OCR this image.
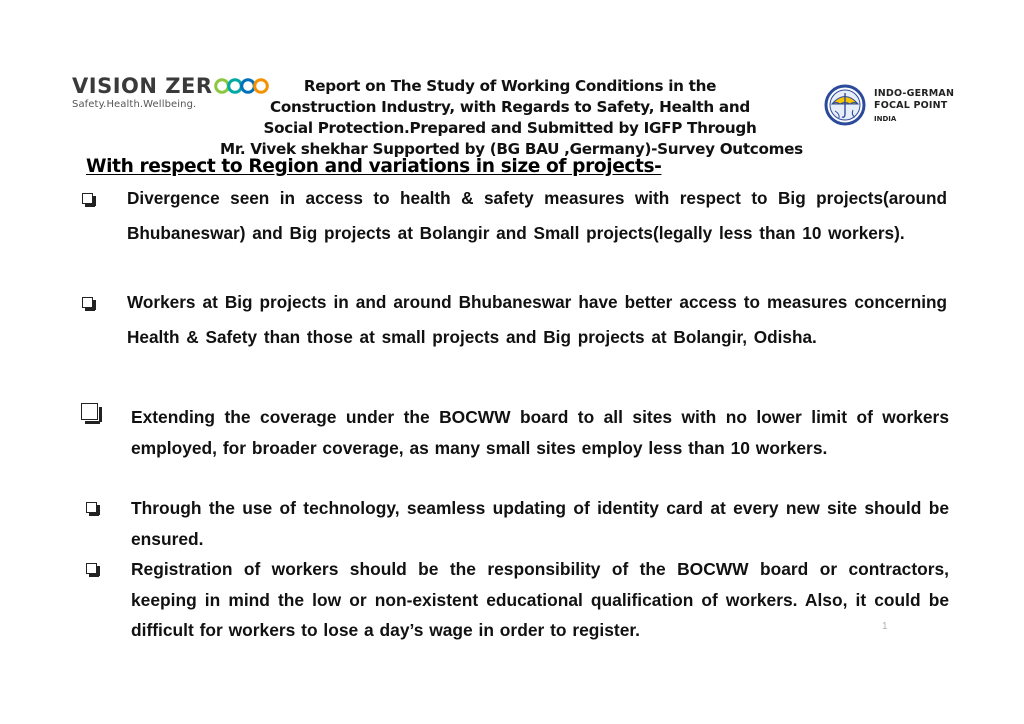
VISION ZER
Safety.Health.Wellbeing.
Report on The Study of Working Conditions in the
Construction Industry, with Regards to Safety, Health and
Social Protection.Prepared and Submitted by IGFP Through
Mr. Vivek shekhar Supported by (BG BAU ,Germany)-Survey Outcomes
INDO-GERMAN
FOCAL POINT
INDIA
With respect to Region and variations in size of projects-
Divergence seen in access to health & safety measures with respect to Big projects(around Bhubaneswar) and Big projects at Bolangir and Small projects(legally less than 10 workers).
Workers at Big projects in and around Bhubaneswar have better access to measures concerning Health & Safety than those at small projects and Big projects at Bolangir, Odisha.
Extending the coverage under the BOCWW board to all sites with no lower limit of workers employed, for broader coverage, as many small sites employ less than 10 workers.
Through the use of technology, seamless updating of identity card at every new site should be ensured.
Registration of workers should be the responsibility of the BOCWW board or contractors, keeping in mind the low or non-existent educational qualification of workers. Also, it could be difficult for workers to lose a day’s wage in order to register.	1
